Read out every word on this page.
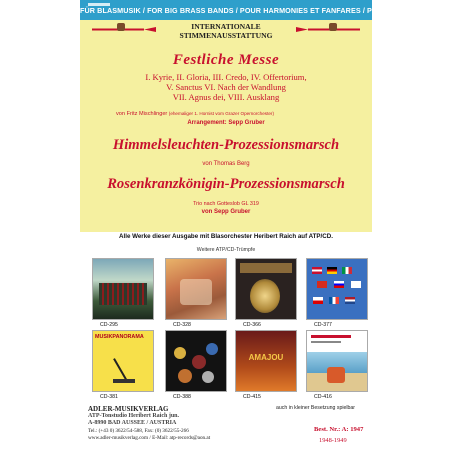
FÜR BLASMUSIK / FOR BIG BRASS BANDS / POUR HARMONIES ET FANFARES / PER BANDA
INTERNATIONALE
STIMMENAUSSTATTUNG
Festliche Messe
I. Kyrie, II. Gloria, III. Credo, IV. Offertorium,
V. Sanctus VI. Nach der Wandlung
VII. Agnus dei, VIII. Ausklang
von Fritz Mischlinger (ehemaliger 1. Hornist vom Grazer Opernorchester)
Arrangement: Sepp Gruber
Himmelsleuchten-Prozessionsmarsch
von Thomas Berg
Rosenkranzkönigin-Prozessionsmarsch
Trio nach Gotteslob GL 319
von Sepp Gruber
Alle Werke dieser Ausgabe mit Blasorchester Heribert Raich auf ATP/CD.
Weitere ATP/CD-Trümpfe
CD-295	CD-328	CD-366	CD-377
MUSIKPANORAMA
CD-381	CD-388
AMAJOU
CD-415	CD-416
ADLER-MUSIKVERLAG
ATP-Tonstudio Heribert Raich jun.
A-8990 BAD AUSSEE / AUSTRIA
Tel.: (+43 0) 3622/54-588, Fax: (0) 3622/55-266
www.adler-musikverlag.com / E-Mail: atp-records@aon.at
auch in kleiner Besetzung spielbar
Best. Nr.: A: 1947
1948-1949
